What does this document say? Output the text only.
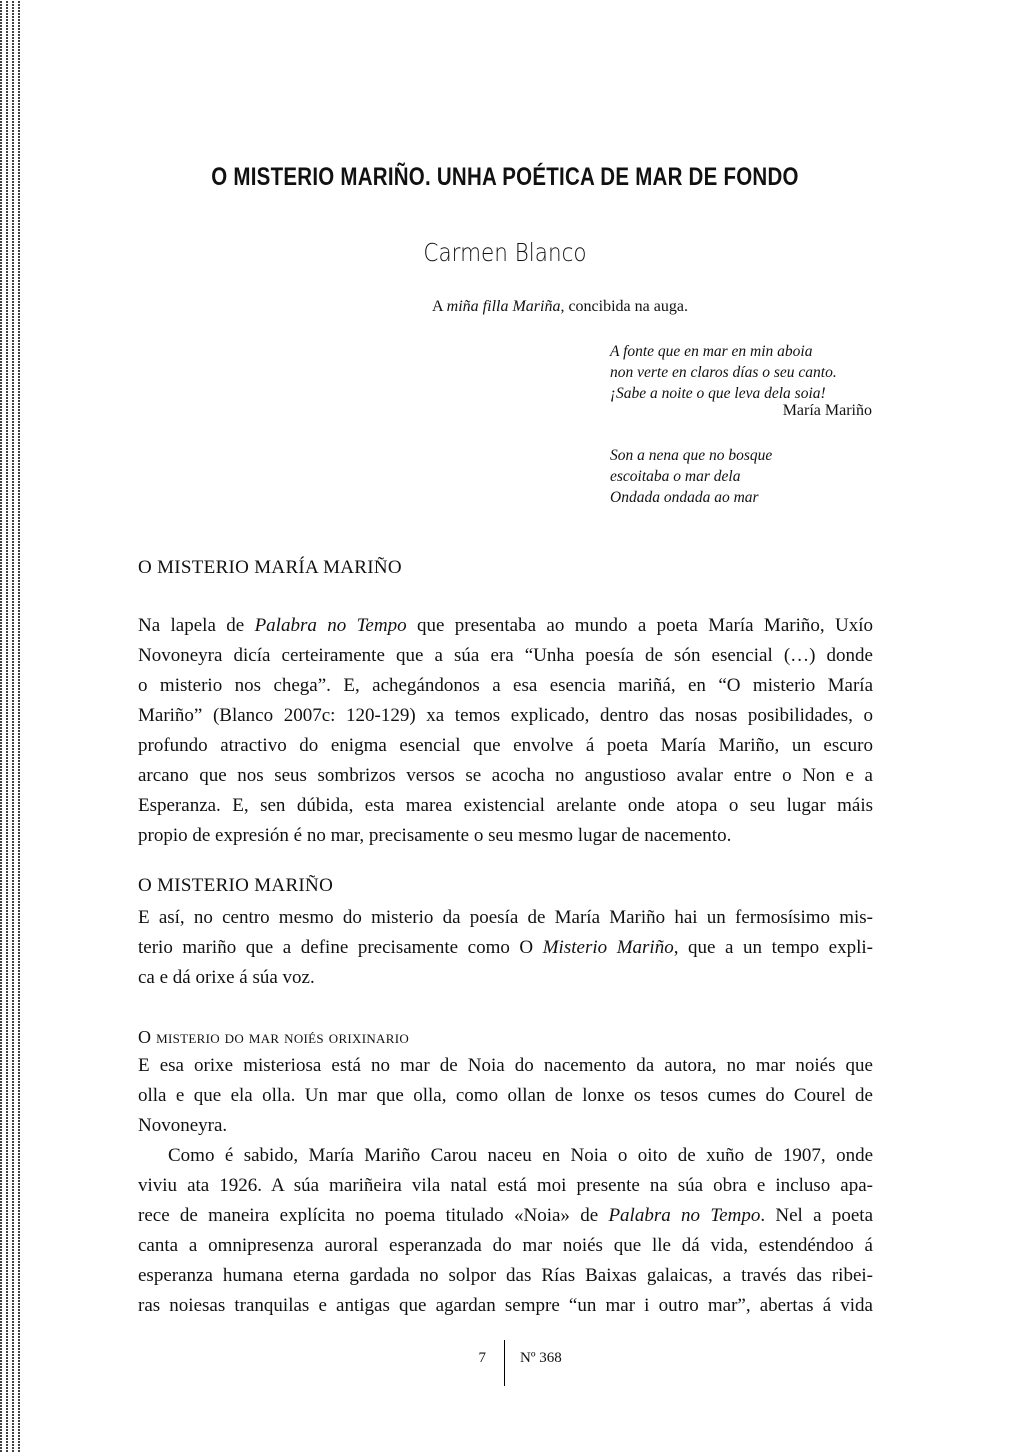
O MISTERIO MARIÑO. UNHA POÉTICA DE MAR DE FONDO
Carmen Blanco
A miña filla Mariña, concibida na auga.
A fonte que en mar en min aboia
non verte en claros días o seu canto.
¡Sabe a noite o que leva dela soia!
María Mariño
Son a nena que no bosque
escoitaba o mar dela
Ondada ondada ao mar
O MISTERIO MARÍA MARIÑO
Na lapela de Palabra no Tempo que presentaba ao mundo a poeta María Mariño, Uxío
Novoneyra dicía certeiramente que a súa era “Unha poesía de són esencial (…) donde
o misterio nos chega”. E, achegándonos a esa esencia mariñá, en “O misterio María
Mariño” (Blanco 2007c: 120-129) xa temos explicado, dentro das nosas posibilidades, o
profundo atractivo do enigma esencial que envolve á poeta María Mariño, un escuro
arcano que nos seus sombrizos versos se acocha no angustioso avalar entre o Non e a
Esperanza. E, sen dúbida, esta marea existencial arelante onde atopa o seu lugar máis
propio de expresión é no mar, precisamente o seu mesmo lugar de nacemento.
O MISTERIO MARIÑO
E así, no centro mesmo do misterio da poesía de María Mariño hai un fermosísimo mis-
terio mariño que a define precisamente como O Misterio Mariño, que a un tempo expli-
ca e dá orixe á súa voz.
O misterio do mar noiés orixinario
E esa orixe misteriosa está no mar de Noia do nacemento da autora, no mar noiés que
olla e que ela olla. Un mar que olla, como ollan de lonxe os tesos cumes do Courel de
Novoneyra.
Como é sabido, María Mariño Carou naceu en Noia o oito de xuño de 1907, onde
viviu ata 1926. A súa mariñeira vila natal está moi presente na súa obra e incluso apa-
rece de maneira explícita no poema titulado «Noia» de Palabra no Tempo. Nel a poeta
canta a omnipresenza auroral esperanzada do mar noiés que lle dá vida, estendéndoo á
esperanza humana eterna gardada no solpor das Rías Baixas galaicas, a través das ribei-
ras noiesas tranquilas e antigas que agardan sempre “un mar i outro mar”, abertas á vida
7 Nº 368
